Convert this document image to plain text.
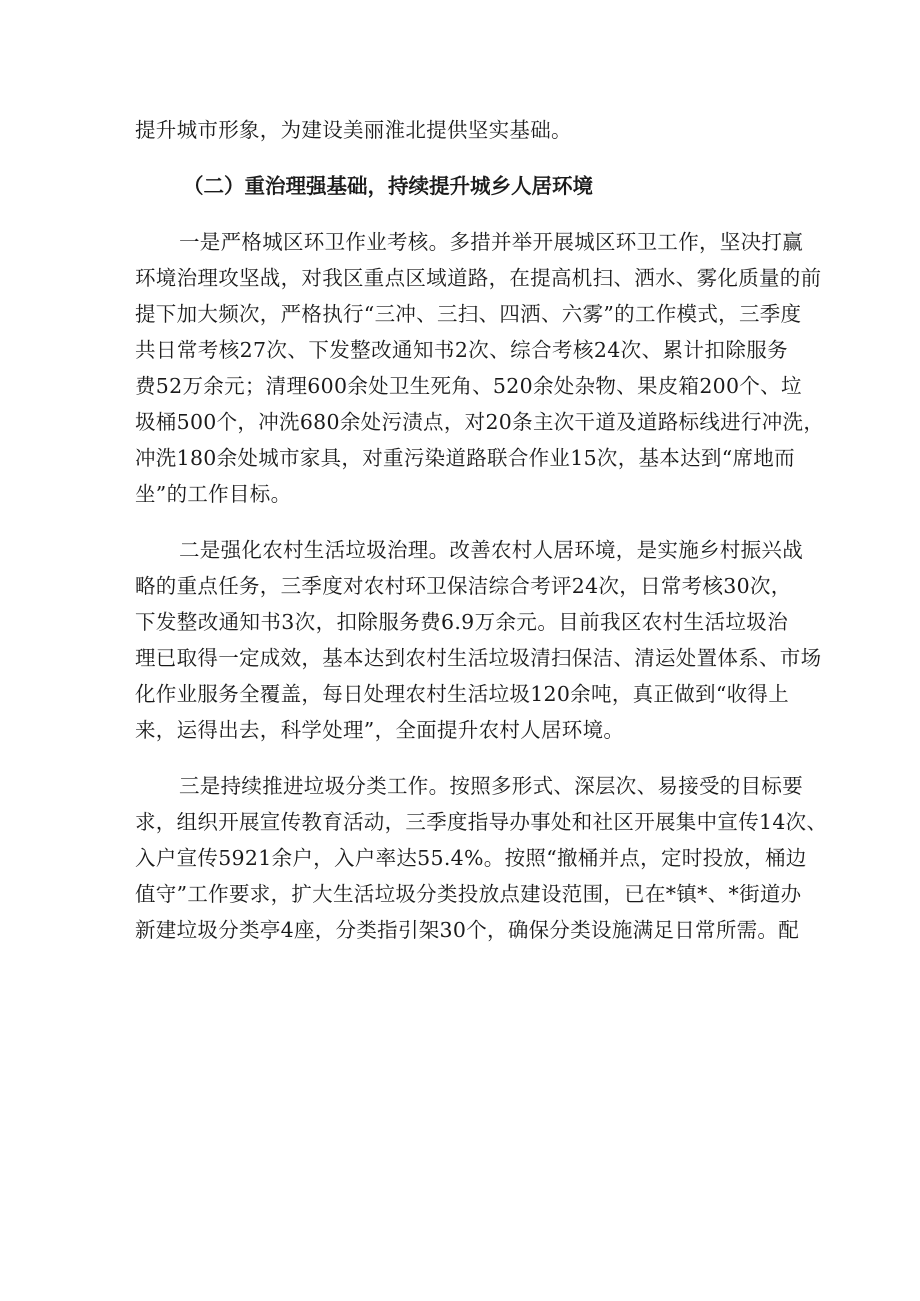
提升城市形象，为建设美丽淮北提供坚实基础。
（二）重治理强基础，持续提升城乡人居环境
一是严格城区环卫作业考核。多措并举开展城区环卫工作，坚决打赢
环境治理攻坚战，对我区重点区域道路，在提高机扫、洒水、雾化质量的前
提下加大频次，严格执行“三冲、三扫、四洒、六雾”的工作模式，三季度
共日常考核27次、下发整改通知书2次、综合考核24次、累计扣除服务
费52万余元；清理600余处卫生死角、520余处杂物、果皮箱200个、垃
圾桶500个，冲洗680余处污渍点，对20条主次干道及道路标线进行冲洗，
冲洗180余处城市家具，对重污染道路联合作业15次，基本达到“席地而
坐”的工作目标。
二是强化农村生活垃圾治理。改善农村人居环境，是实施乡村振兴战
略的重点任务，三季度对农村环卫保洁综合考评24次，日常考核30次，
下发整改通知书3次，扣除服务费6.9万余元。目前我区农村生活垃圾治
理已取得一定成效，基本达到农村生活垃圾清扫保洁、清运处置体系、市场
化作业服务全覆盖，每日处理农村生活垃圾120余吨，真正做到“收得上
来，运得出去，科学处理”，全面提升农村人居环境。
三是持续推进垃圾分类工作。按照多形式、深层次、易接受的目标要
求，组织开展宣传教育活动，三季度指导办事处和社区开展集中宣传14次、
入户宣传5921余户，入户率达55.4%。按照“撤桶并点，定时投放，桶边
值守”工作要求，扩大生活垃圾分类投放点建设范围，已在*镇*、*街道办
新建垃圾分类亭4座，分类指引架30个，确保分类设施满足日常所需。配
